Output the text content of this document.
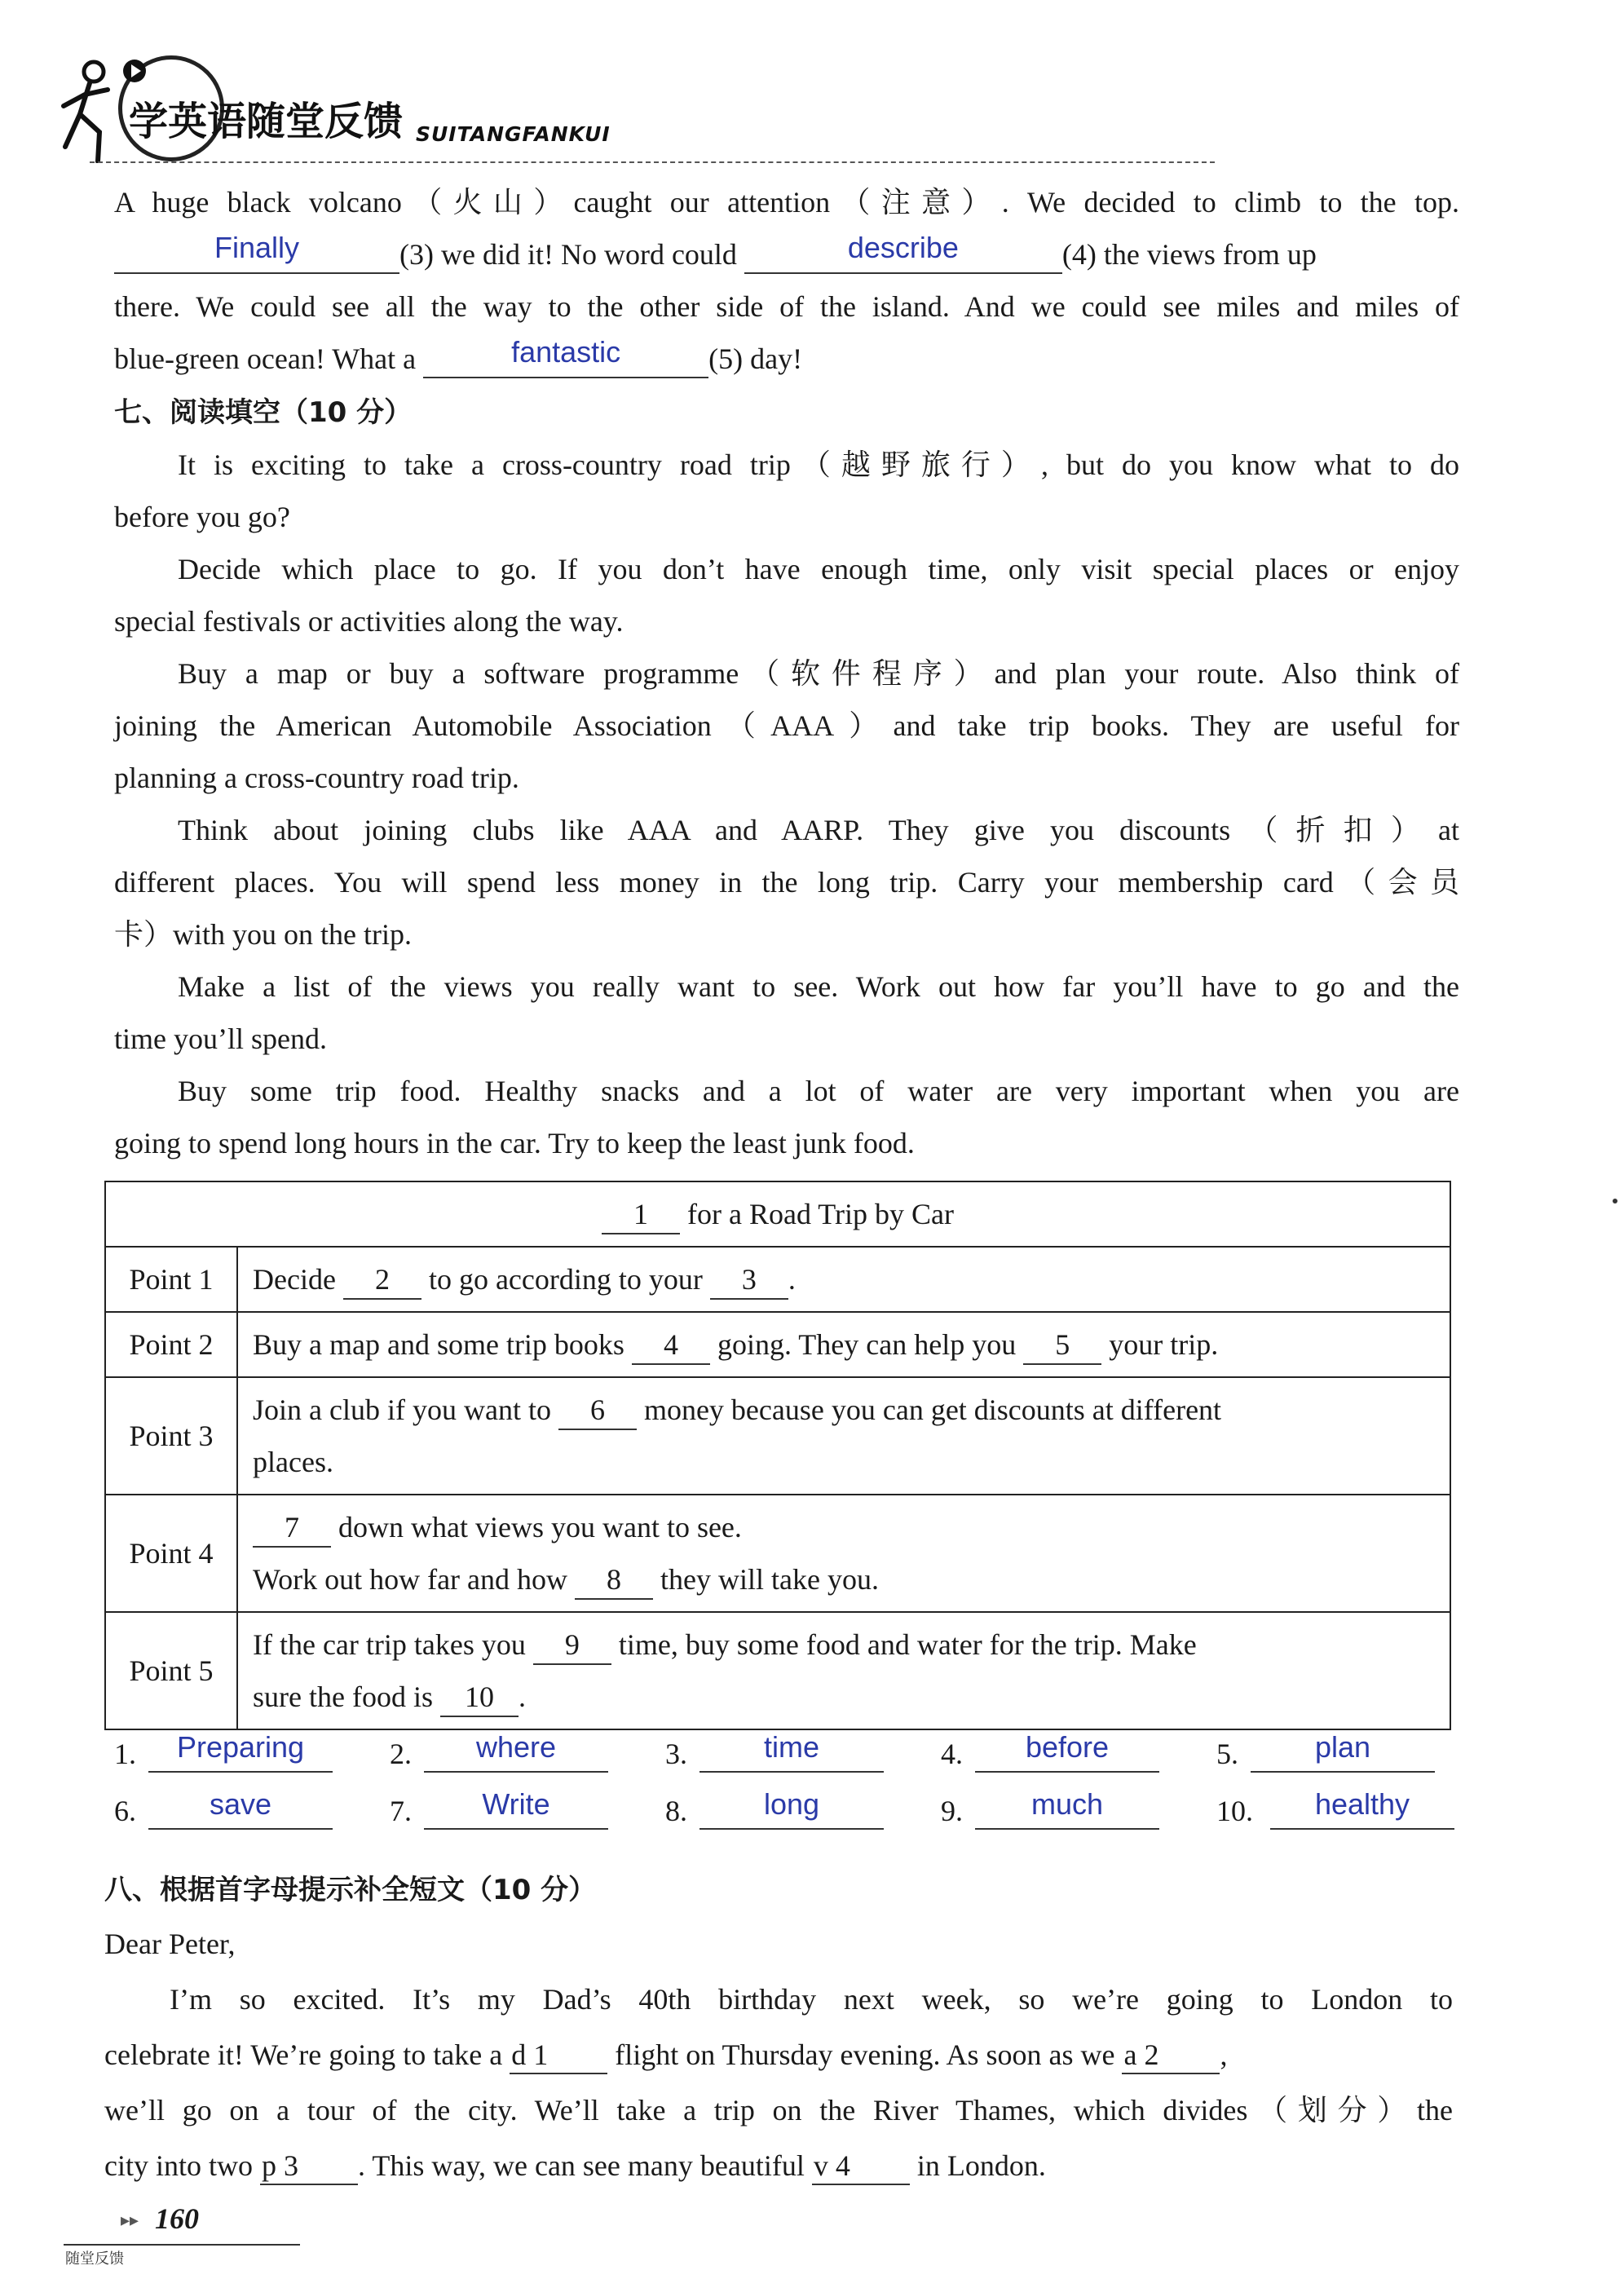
学英语随堂反馈 SUITANGFANKUI
A huge black volcano（火山）caught our attention（注意）. We decided to climb to the top.
Finally	(3) we did it! No word could	describe	(4) the views from up
there. We could see all the way to the other side of the island. And we could see miles and miles of
blue-green ocean! What a	fantastic	(5) day!
七、阅读填空（10 分）
It is exciting to take a cross-country road trip（越野旅行）, but do you know what to do
before you go?
Decide which place to go. If you don’t have enough time, only visit special places or enjoy
special festivals or activities along the way.
Buy a map or buy a software programme（软件程序）and plan your route. Also think of
joining the American Automobile Association（AAA）and take trip books. They are useful for
planning a cross-country road trip.
Think about joining clubs like AAA and AARP. They give you discounts（折扣）at
different places. You will spend less money in the long trip. Carry your membership card（会员
卡）with you on the trip.
Make a list of the views you really want to see. Work out how far you’ll have to go and the
time you’ll spend.
Buy some trip food. Healthy snacks and a lot of water are very important when you are
going to spend long hours in the car. Try to keep the least junk food.
1 for a Road Trip by Car	
Point 1	Decide 2 to go according to your 3 .
Point 2	Buy a map and some trip books 4 going. They can help you 5 your trip.
Point 3	Join a club if you want to 6 money because you can get discounts at different
places.
Point 4	7 down what views you want to see.
Work out how far and how 8 they will take you.
Point 5	If the car trip takes you 9 time, buy some food and water for the trip. Make
sure the food is 10 .
1. Preparing	2. where	3.	time	4. before	5.	plan
6. save	7. Write	8.	long	9. much	10. healthy
八、根据首字母提示补全短文（10 分）
Dear Peter,
I’m so excited. It’s my Dad’s 40th birthday next week, so we’re going to London to
celebrate it! We’re going to take a d 1 flight on Thursday evening. As soon as we a 2 ,
we’ll go on a tour of the city. We’ll take a trip on the River Thames, which divides（划分）the
city into two p 3 . This way, we can see many beautiful v 4 in London.
▸▸ 160
随堂反馈
